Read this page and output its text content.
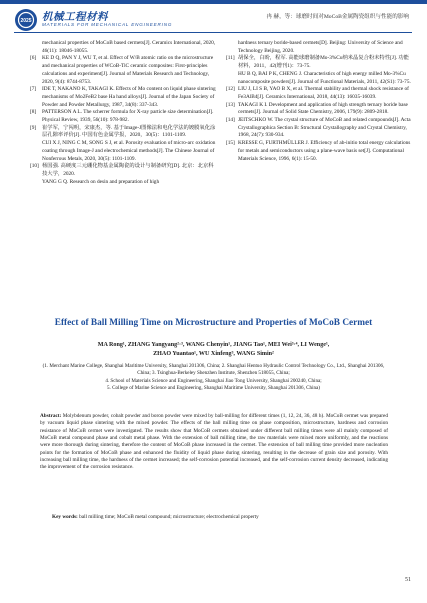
2025 机械工程材料
MATERIALS FOR MECHANICAL ENGINEERING
冉 赫，等：球磨时间对MoCoB金属陶瓷组织与性能的影响
mechanical properties of MoCoB based cermets[J]. Ceramics International, 2020, 46(11): 18046-18055.
[6] KE D Q, PAN Y J, WU T, et al. Effect of W/B atomic ratio on the microstructure and mechanical properties of WCoB-TiC ceramic composites: First-principles calculations and experiment[J]. Journal of Materials Research and Technology, 2020, 9(4): 8744-8753.
[7] IDE T, NAKANO K, TAKAGI K. Effects of Mo content on liquid phase sintering mechanisms of Mo2FeB2 base Ha hand alloys[J]. Journal of the Japan Society of Powder and Powder Metallurgy, 1987, 34(8): 337-343.
[8] PATTERSON A L. The scherrer formula for X-ray particle size determination[J]. Physical Review, 1939, 56(10): 978-982.
[9] 崔学军，宁闯明，宋康杰，等. 基于Image-J图像法和电化学法的镀膜氧化涂层孔隙率评价[J]. 中国有色金属学报，2020，30(5)：1101-1109.
CUI X J, NING C M, SONG S J, et al. Porosity evaluation of micro-arc oxidation coating through Image-J and electrochemical methods[J]. The Chinese Journal of Nonferrous Metals, 2020, 30(5): 1101-1109.
[10] 杨国强. 高硬度三元硼化物基金属陶瓷的设计与制备研究[D]. 北京：北京科技大学，2020.
YANG G Q. Research on desin and preparation of high
hardness ternary boride-based cermets[D]. Beijing: University of Science and Technology Beijing, 2020.
[11] 胡保全，白盼，程军. 高能球磨制备Mo-3%Cu纳米晶复合粉末特性[J]. 功能材料，2011，42(增刊1)：73-75.
HU B Q, BAI P K, CHENG J. Characteristics of high energy milled Mo-3%Cu nanocomposite powders[J]. Journal of Functional Materials, 2011, 42(S1): 73-75.
[12] LIU J, LI S B, YAO B X, et al. Thermal stability and thermal shock resistance of Fe3AlB4[J]. Ceramics International, 2018, 44(13): 16035-16039.
[13] TAKAGI K I. Development and application of high strength ternary boride base cermets[J]. Journal of Solid State Chemistry, 2006, 179(9): 2809-2818.
[14] JEITSCHKO W. The crystal structure of MoCoB and related compounds[J]. Acta Crystallographica Section B: Structural Crystallography and Crystal Chemistry, 1968, 24(7): 930-934.
[15] KRESSE G, FURTHMÜLLER J. Efficiency of ab-initio total energy calculations for metals and semiconductors using a plane-wave basis set[J]. Computational Materials Science, 1996, 6(1): 15-50.
Effect of Ball Milling Time on Microstructure and Properties of MoCoB Cermet
MA Rong¹, ZHANG Yangyang²·³, WANG Chenyin¹, JIANG Tao¹, MEI Wei³·⁴, LI Wenge¹,
ZHAO Yuantao¹, WU Xinfeng³, WANG Simin²
(1. Merchant Marine College, Shanghai Maritime University, Shanghai 201306, China; 2. Shanghai Hentuo Hydraulic Control Technology Co., Ltd., Shanghai 201306, China; 3. Tsinghua-Berkeley Shenzhen Institute, Shenzhen 518055, China;
4. School of Materials Science and Engineering, Shanghai Jiao Tong University, Shanghai 200240, China;
5. College of Marine Science and Engineering, Shanghai Maritime University, Shanghai 201306, China)
Abstract: Molybdenum powder, cobalt powder and boron powder were mixed by ball-milling for different times (1, 12, 24, 36, 48 h). MoCoB cermet was prepared by vacuum liquid phase sintering with the mixed powder. The effects of the ball milling time on phase composition, microstructure, hardness and corrosion resistance of MoCoB cermet were investigated. The results show that MoCoB cermets obtained under different ball milling times were all mainly composed of MoCoB metal compound phase and cobalt metal phase. With the extension of ball milling time, the raw materials were mixed more uniformly, and the reactions were more thorough during sintering, therefore the content of MoCoB phase increased in the cermet. The extension of ball milling time provided more nucleation points for the formation of MoCoB phase and enhanced the fluidity of liquid phase during sintering, resulting in the decrease of grain size and porosity. With increasing ball milling time, the hardness of the cermet increased; the self-corrosion potential increased, and the self-corrosion current density decreased, indicating the improvement of the corrosion resistance.
Key words: ball milling time; MoCoB metal compound; microstructure; electrochemical property
51
